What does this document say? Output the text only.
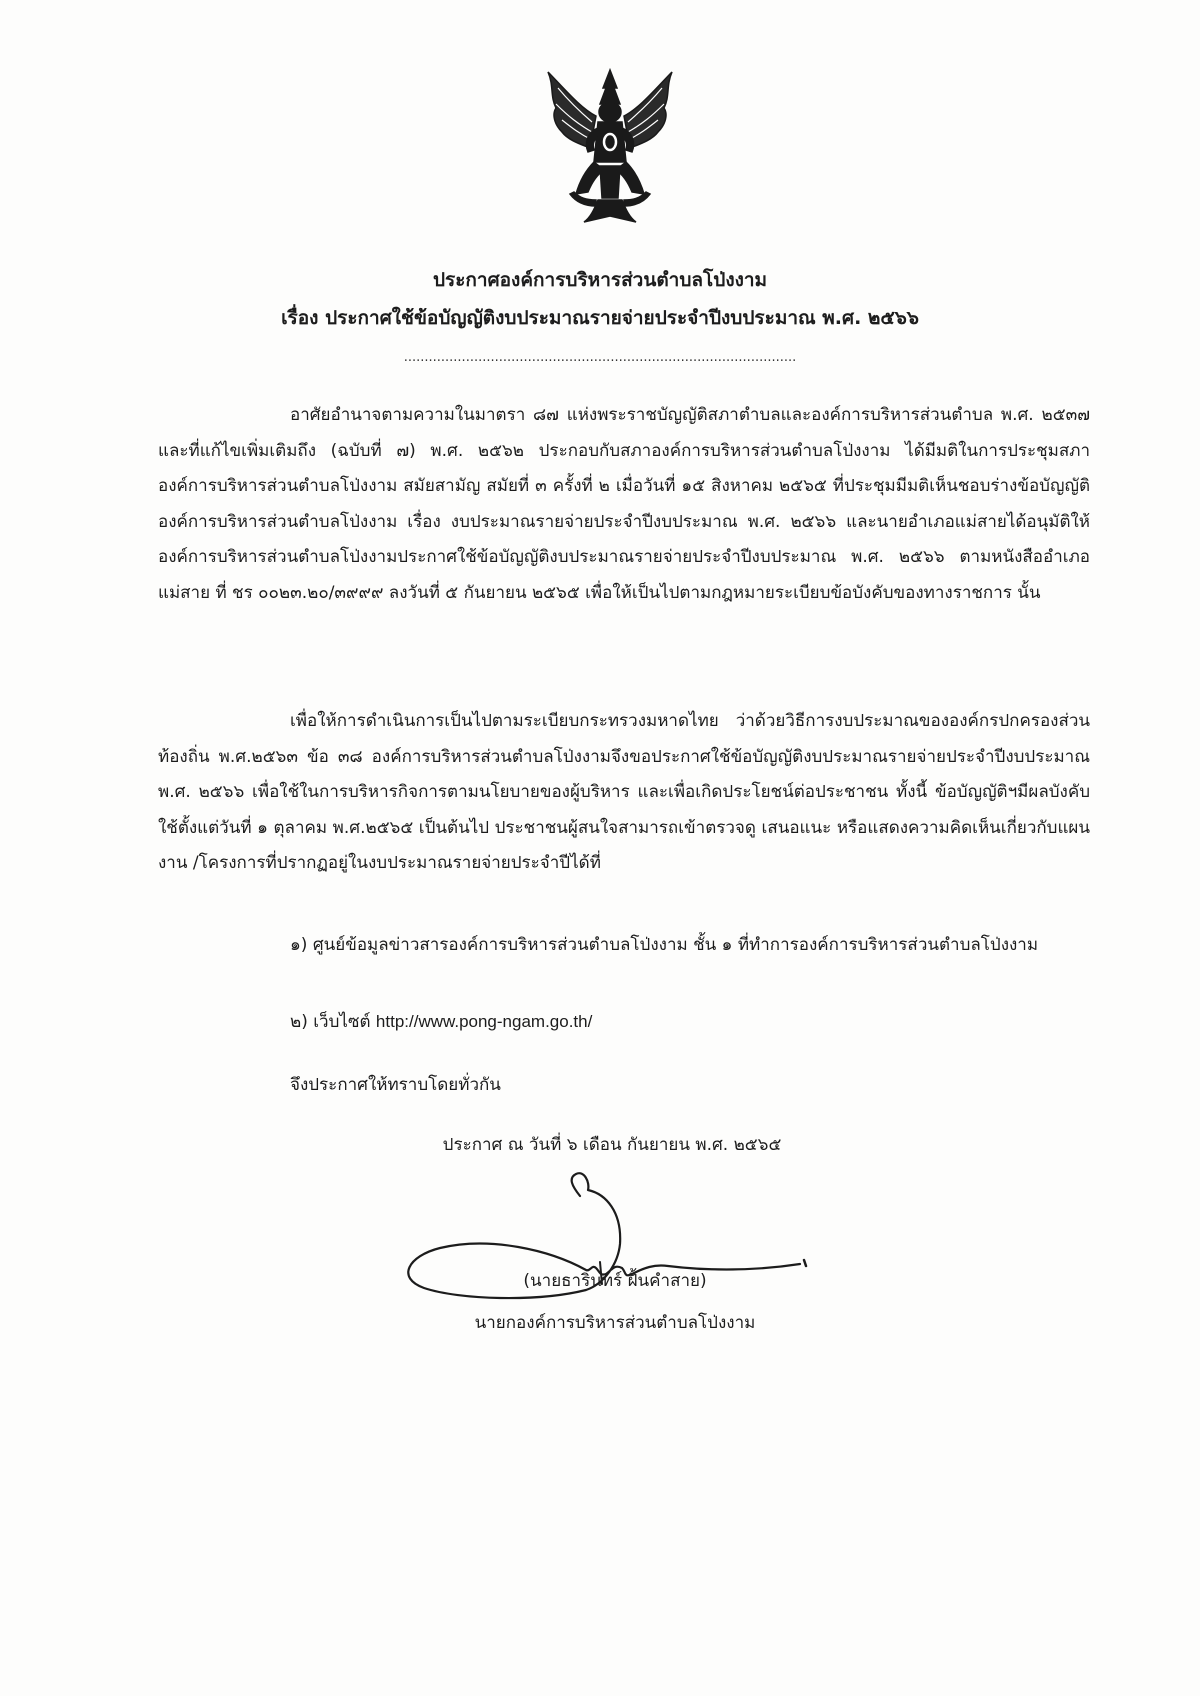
ประกาศองค์การบริหารส่วนตำบลโป่งงาม
เรื่อง ประกาศใช้ข้อบัญญัติงบประมาณรายจ่ายประจำปีงบประมาณ พ.ศ. ๒๕๖๖
...............................................................................................
อาศัยอำนาจตามความในมาตรา ๘๗ แห่งพระราชบัญญัติสภาตำบลและองค์การบริหารส่วนตำบล พ.ศ. ๒๕๓๗ และที่แก้ไขเพิ่มเติมถึง (ฉบับที่ ๗) พ.ศ. ๒๕๖๒ ประกอบกับสภาองค์การบริหารส่วนตำบลโป่งงาม ได้มีมติในการประชุมสภาองค์การบริหารส่วนตำบลโป่งงาม สมัยสามัญ สมัยที่ ๓ ครั้งที่ ๒ เมื่อวันที่ ๑๕ สิงหาคม ๒๕๖๕ ที่ประชุมมีมติเห็นชอบร่างข้อบัญญัติองค์การบริหารส่วนตำบลโป่งงาม เรื่อง งบประมาณรายจ่ายประจำปีงบประมาณ พ.ศ. ๒๕๖๖ และนายอำเภอแม่สายได้อนุมัติให้องค์การบริหารส่วนตำบลโป่งงามประกาศใช้ข้อบัญญัติงบประมาณรายจ่ายประจำปีงบประมาณ พ.ศ. ๒๕๖๖ ตามหนังสืออำเภอแม่สาย ที่ ชร ๐๐๒๓.๒๐/๓๙๙๙ ลงวันที่ ๕ กันยายน ๒๕๖๕ เพื่อให้เป็นไปตามกฎหมายระเบียบข้อบังคับของทางราชการ นั้น
เพื่อให้การดำเนินการเป็นไปตามระเบียบกระทรวงมหาดไทย ว่าด้วยวิธีการงบประมาณขององค์กรปกครองส่วนท้องถิ่น พ.ศ.๒๕๖๓ ข้อ ๓๘ องค์การบริหารส่วนตำบลโป่งงามจึงขอประกาศใช้ข้อบัญญัติงบประมาณรายจ่ายประจำปีงบประมาณ พ.ศ. ๒๕๖๖ เพื่อใช้ในการบริหารกิจการตามนโยบายของผู้บริหาร และเพื่อเกิดประโยชน์ต่อประชาชน ทั้งนี้ ข้อบัญญัติฯมีผลบังคับใช้ตั้งแต่วันที่ ๑ ตุลาคม พ.ศ.๒๕๖๕ เป็นต้นไป ประชาชนผู้สนใจสามารถเข้าตรวจดู เสนอแนะ หรือแสดงความคิดเห็นเกี่ยวกับแผนงาน /โครงการที่ปรากฏอยู่ในงบประมาณรายจ่ายประจำปีได้ที่
๑) ศูนย์ข้อมูลข่าวสารองค์การบริหารส่วนตำบลโป่งงาม ชั้น ๑ ที่ทำการองค์การบริหารส่วนตำบลโป่งงาม
๒) เว็บไซต์ http://www.pong-ngam.go.th/
จึงประกาศให้ทราบโดยทั่วกัน
ประกาศ ณ วันที่ ๖ เดือน กันยายน พ.ศ. ๒๕๖๕
(นายธารินทร์ ฝั้นคำสาย)
นายกองค์การบริหารส่วนตำบลโป่งงาม
